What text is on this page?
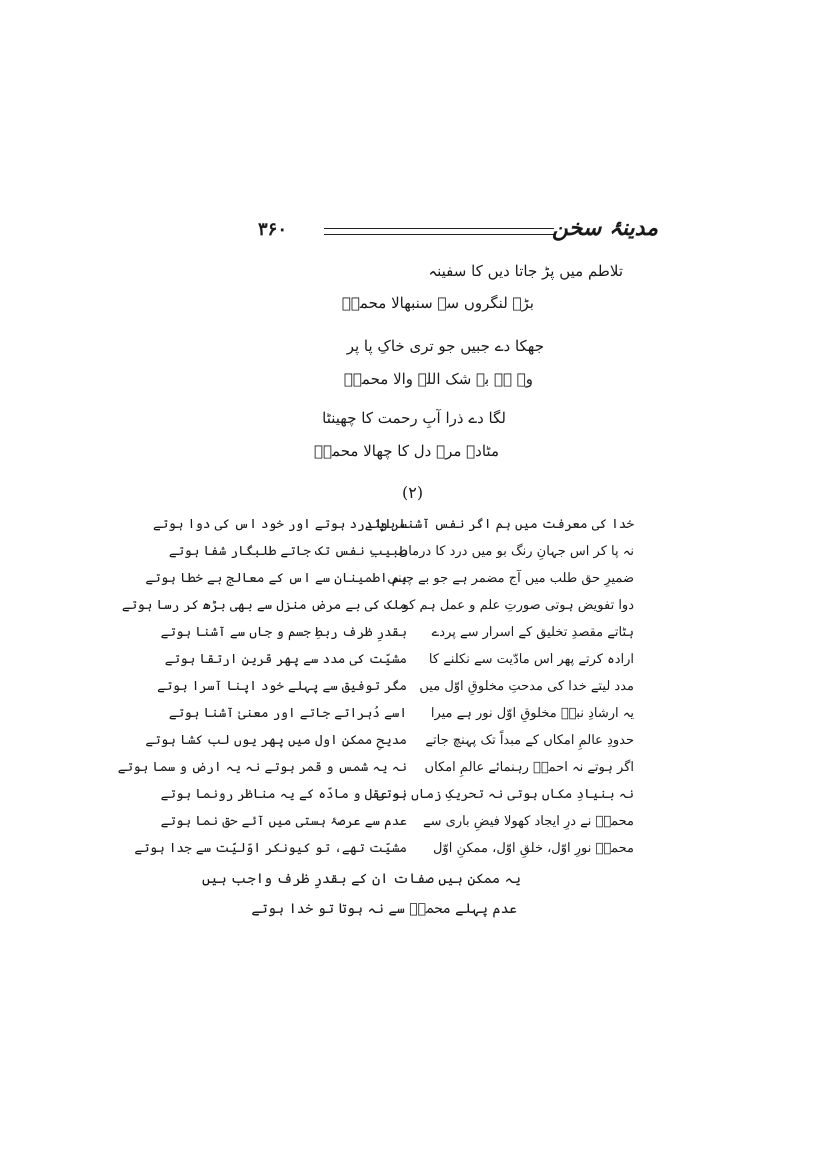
۳۶۰	مدینۂ سخن
تلاطم میں پڑ جاتا دیں کا سفینہ
بڑے لنگروں سے سنبھالا محمدؐ
جھکا دے جبیں جو تری خاکِ پا پر
وہ ہے بے شک اللہ والا محمدؐ
لگا دے ذرا آبِ رحمت کا چھینٹا
مٹادے مرے دل کا چھالا محمدؐ
(۲)
خدا کی معرفت میں ہم اگر نفس آشنا ہوتے
سراپا درد ہوتے اور خود اس کی دوا ہوتے
نہ پا کر اس جہانِ رنگ بو میں درد کا درماں
طبیبِ نفس تک جاتے طلبگار شفا ہوتے
ضمیرِ حق طلب میں آج مضمر ہے جو بے چینی
ہم اطمینان سے اس کے معالج بے خطا ہوتے
دوا تفویض ہوتی صورتِ علم و عمل ہم کو
ملک کی بے مرض منزل سے بھی بڑھ کر رسا ہوتے
ہٹاتے مقصدِ تخلیق کے اسرار سے پردے
بقدرِ ظرف ربطِ جسم و جاں سے آشنا ہوتے
ارادہ کرتے پھر اس مادّیت سے نکلنے کا
مشیّت کی مدد سے پھر قرینِ ارتقا ہوتے
مدد لیتے خدا کی مدحتِ مخلوقِ اوّل میں
مگر توفیق سے پہلے خود اپنا آسرا ہوتے
یہ ارشادِ نبیؐ مخلوقِ اوّل نور ہے میرا
اسے دُہراتے جاتے اور معنیٰ آشنا ہوتے
حدودِ عالمِ امکاں کے مبداً تک پہنچ جاتے
مدیحِ ممکنِ اول میں پھر یوں لب کشا ہوتے
اگر ہوتے نہ احمدؐ رہنمائے عالمِ امکاں
نہ یہ شمس و قمر ہوتے نہ یہ ارض و سما ہوتے
نہ بنیادِ مکاں ہوتی نہ تحریکِ زماں ہوتی
نہ عقل و مادّہ کے یہ مناظر رونما ہوتے
محمدؐ نے درِ ایجاد کھولا فیضِ باری سے
عدم سے عرصۂ ہستی میں آئے حق نما ہوتے
محمدؐ نورِ اوّل، خلقِ اوّل، ممکنِ اوّل
مشیّت تھے، تو کیونکر اوّلیّت سے جدا ہوتے
یہ ممکن ہیں صفات ان کے بقدرِ ظرف واجب ہیں
عدم پہلے محمدؐ سے نہ ہوتا تو خدا ہوتے
